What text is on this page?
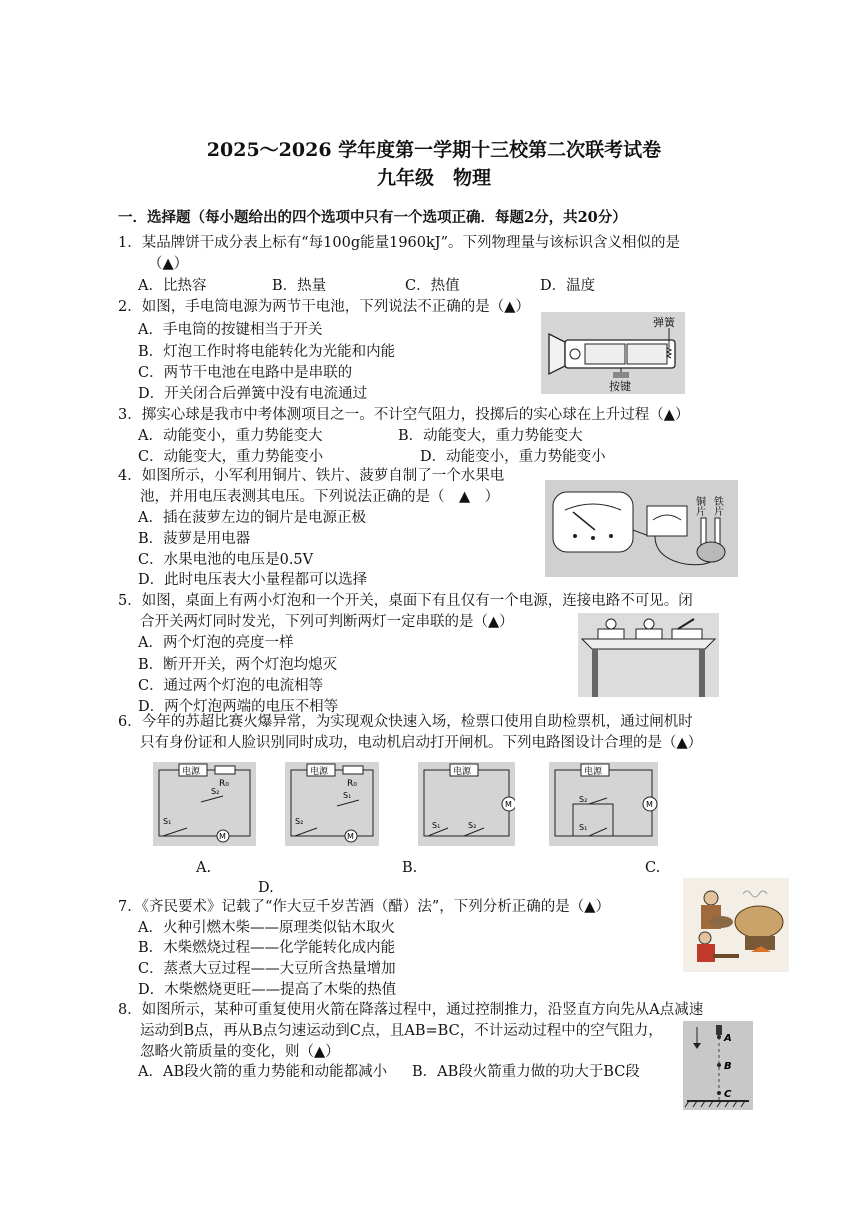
2025～2026 学年度第一学期十三校第二次联考试卷
九年级　物理
一．选择题（每小题给出的四个选项中只有一个选项正确．每题2分，共20分）
1．某品牌饼干成分表上标有“每100g能量1960kJ”。下列物理量与该标识含义相似的是
（▲）
A．比热容	B．热量	C．热值	D．温度
2．如图，手电筒电源为两节干电池，下列说法不正确的是（▲）
A．手电筒的按键相当于开关
B．灯泡工作时将电能转化为光能和内能
C．两节干电池在电路中是串联的
D．开关闭合后弹簧中没有电流通过
弹簧
按键
3．掷实心球是我市中考体测项目之一。不计空气阻力，投掷后的实心球在上升过程（▲）
A．动能变小，重力势能变大	B．动能变大，重力势能变大
C．动能变大，重力势能变小	D．动能变小，重力势能变小
4．如图所示，小军利用铜片、铁片、菠萝自制了一个水果电
池，并用电压表测其电压。下列说法正确的是（　▲　）
A．插在菠萝左边的铜片是电源正极
B．菠萝是用电器
C．水果电池的电压是0.5V
D．此时电压表大小量程都可以选择
铜片 铁片
5．如图，桌面上有两小灯泡和一个开关，桌面下有且仅有一个电源，连接电路不可见。闭
合开关两灯同时发光，下列可判断两灯一定串联的是（▲）
A．两个灯泡的亮度一样
B．断开开关，两个灯泡均熄灭
C．通过两个灯泡的电流相等
D．两个灯泡两端的电压不相等
6．今年的苏超比赛火爆异常，为实现观众快速入场，检票口使用自助检票机，通过闸机时
只有身份证和人脸识别同时成功，电动机启动打开闸机。下列电路图设计合理的是（▲）
电源
R₀
S₂
S₁
M
电源
R₀
S₁
S₂
M
电源
M
S₁	S₂
电源
M
S₂
S₁
A.	B.	C.
D.
7．《齐民要术》记载了“作大豆千岁苦酒（醋）法”，下列分析正确的是（▲）
A．火种引燃木柴——原理类似钻木取火
B．木柴燃烧过程——化学能转化成内能
C．蒸煮大豆过程——大豆所含热量增加
D．木柴燃烧更旺——提高了木柴的热值
8．如图所示，某种可重复使用火箭在降落过程中，通过控制推力，沿竖直方向先从A点减速
运动到B点，再从B点匀速运动到C点，且AB=BC，不计运动过程中的空气阻力，
忽略火箭质量的变化，则（▲）
A．AB段火箭的重力势能和动能都减小 B．AB段火箭重力做的功大于BC段
A
B
C
